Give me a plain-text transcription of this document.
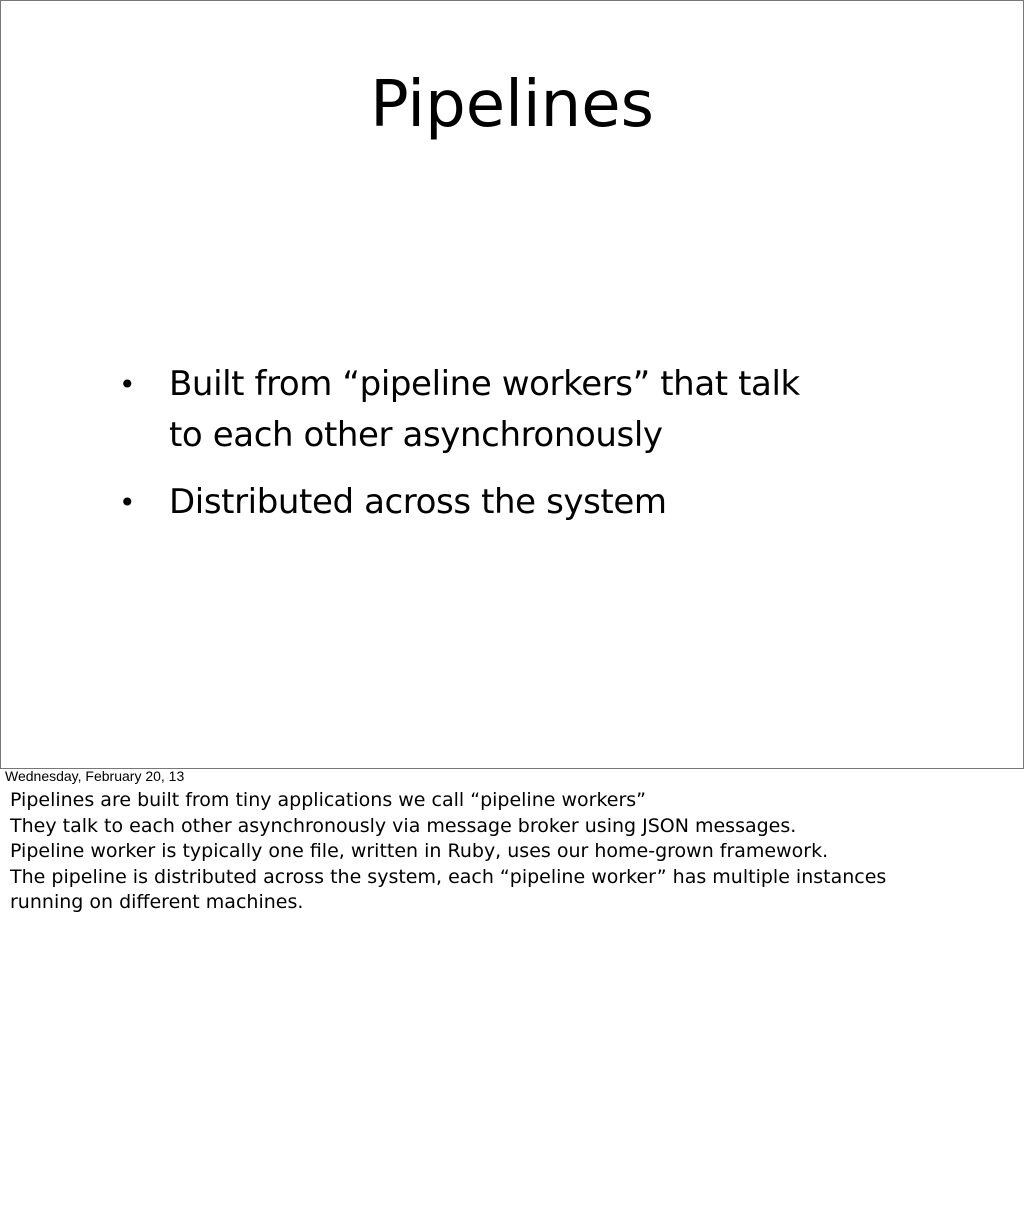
Pipelines
• Built from “pipeline workers” that talk
to each other asynchronously
• Distributed across the system
Wednesday, February 20, 13
Pipelines are built from tiny applications we call “pipeline workers”
They talk to each other asynchronously via message broker using JSON messages.
Pipeline worker is typically one file, written in Ruby, uses our home-grown framework.
The pipeline is distributed across the system, each “pipeline worker” has multiple instances
running on different machines.
